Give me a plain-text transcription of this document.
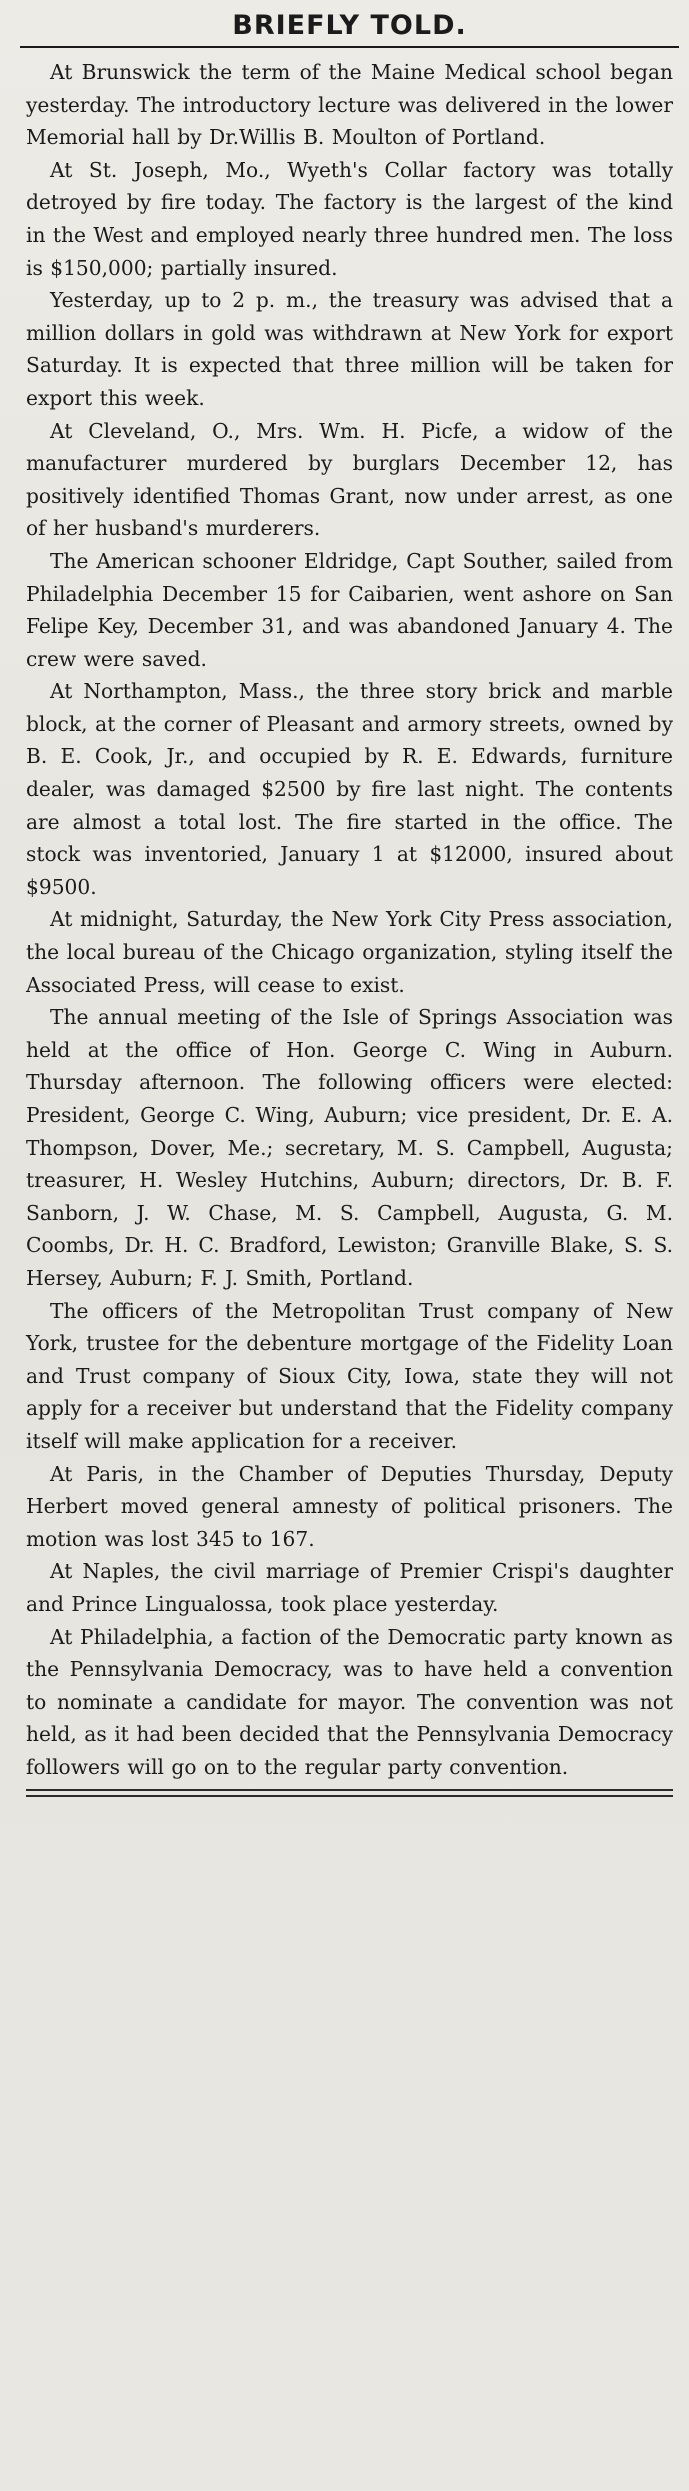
BRIEFLY TOLD.

At Brunswick the term of the Maine Medical school began yesterday. The introductory lecture was delivered in the lower Memorial hall by Dr.Willis B. Moulton of Portland.

At St. Joseph, Mo., Wyeth's Collar factory was totally detroyed by fire today. The factory is the largest of the kind in the West and employed nearly three hundred men. The loss is $150,000; partially insured.

Yesterday, up to 2 p. m., the treasury was advised that a million dollars in gold was withdrawn at New York for export Saturday. It is expected that three million will be taken for export this week.

At Cleveland, O., Mrs. Wm. H. Picfe, a widow of the manufacturer murdered by burglars December 12, has positively identified Thomas Grant, now under arrest, as one of her husband's murderers.

The American schooner Eldridge, Capt Souther, sailed from Philadelphia December 15 for Caibarien, went ashore on San Felipe Key, December 31, and was abandoned January 4. The crew were saved.

At Northampton, Mass., the three story brick and marble block, at the corner of Pleasant and armory streets, owned by B. E. Cook, Jr., and occupied by R. E. Edwards, furniture dealer, was damaged $2500 by fire last night. The contents are almost a total lost. The fire started in the office. The stock was inventoried, January 1 at $12000, insured about $9500.

At midnight, Saturday, the New York City Press association, the local bureau of the Chicago organization, styling itself the Associated Press, will cease to exist.

The annual meeting of the Isle of Springs Association was held at the office of Hon. George C. Wing in Auburn. Thursday afternoon. The following officers were elected: President, George C. Wing, Auburn; vice president, Dr. E. A. Thompson, Dover, Me.; secretary, M. S. Campbell, Augusta; treasurer, H. Wesley Hutchins, Auburn; directors, Dr. B. F. Sanborn, J. W. Chase, M. S. Campbell, Augusta, G. M. Coombs, Dr. H. C. Bradford, Lewiston; Granville Blake, S. S. Hersey, Auburn; F. J. Smith, Portland.

The officers of the Metropolitan Trust company of New York, trustee for the debenture mortgage of the Fidelity Loan and Trust company of Sioux City, Iowa, state they will not apply for a receiver but understand that the Fidelity company itself will make application for a receiver.

At Paris, in the Chamber of Deputies Thursday, Deputy Herbert moved general amnesty of political prisoners. The motion was lost 345 to 167.

At Naples, the civil marriage of Premier Crispi's daughter and Prince Lingualossa, took place yesterday.

At Philadelphia, a faction of the Democratic party known as the Pennsylvania Democracy, was to have held a convention to nominate a candidate for mayor. The convention was not held, as it had been decided that the Pennsylvania Democracy followers will go on to the regular party convention.
